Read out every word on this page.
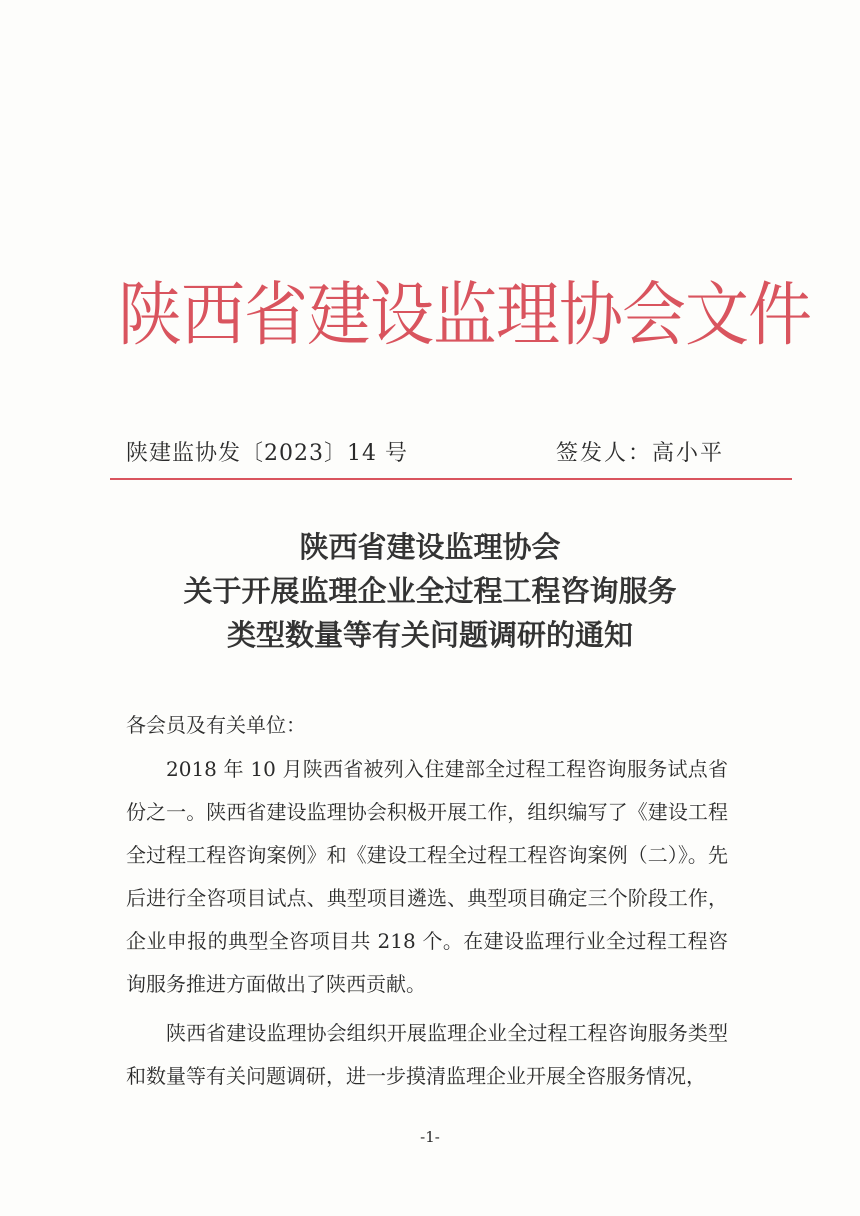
陕西省建设监理协会文件
陕建监协发〔2023〕14 号	签发人：高小平
陕西省建设监理协会
关于开展监理企业全过程工程咨询服务
类型数量等有关问题调研的通知
各会员及有关单位：

2018 年 10 月陕西省被列入住建部全过程工程咨询服务试点省份之一。陕西省建设监理协会积极开展工作，组织编写了《建设工程全过程工程咨询案例》和《建设工程全过程工程咨询案例（二）》。先后进行全咨项目试点、典型项目遴选、典型项目确定三个阶段工作，企业申报的典型全咨项目共 218 个。在建设监理行业全过程工程咨询服务推进方面做出了陕西贡献。

陕西省建设监理协会组织开展监理企业全过程工程咨询服务类型和数量等有关问题调研，进一步摸清监理企业开展全咨服务情况，

-1-
